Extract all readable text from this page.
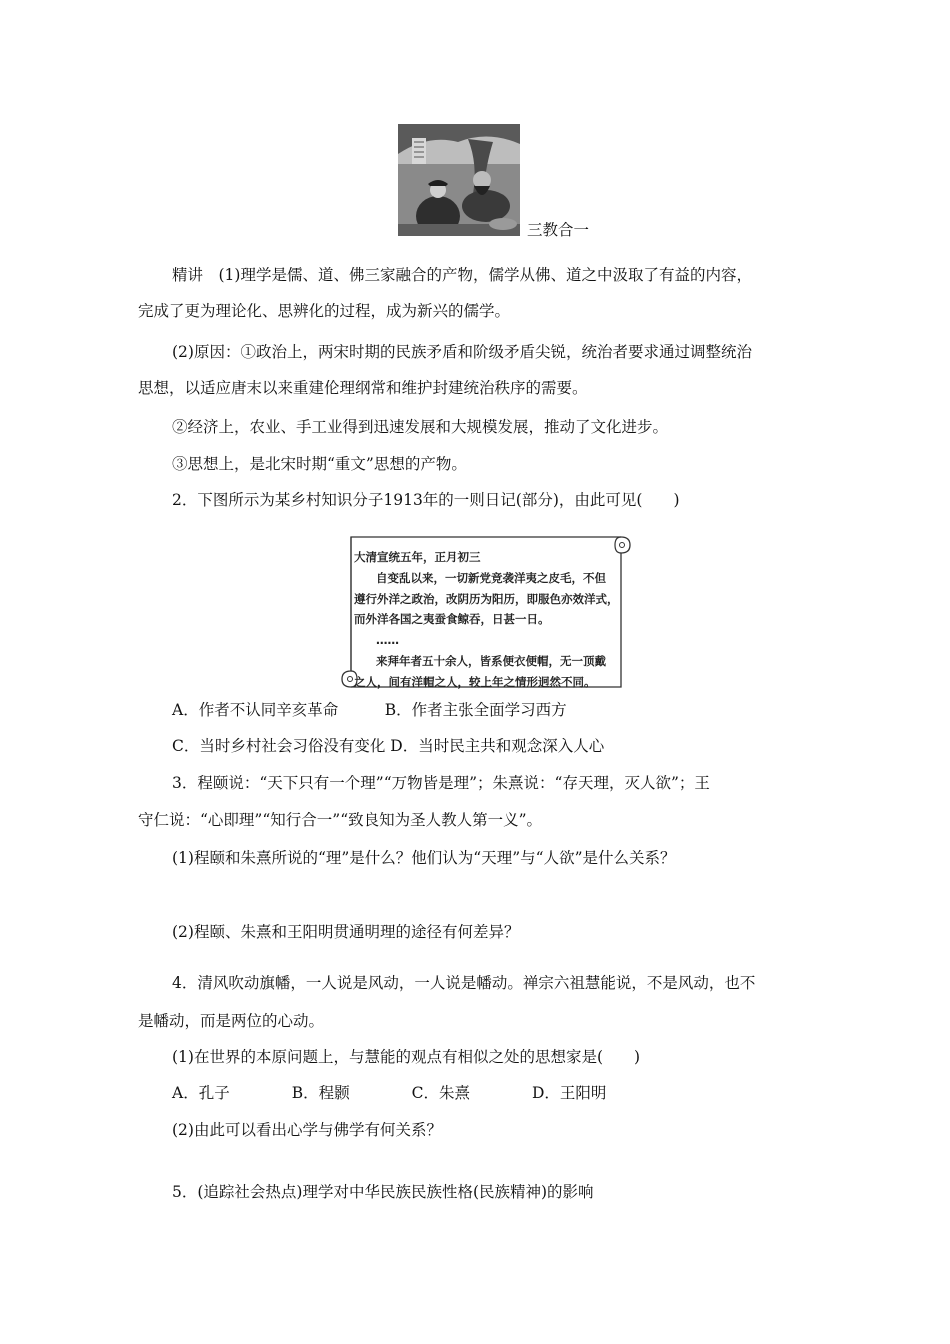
三教合一
精讲　(1)理学是儒、道、佛三家融合的产物，儒学从佛、道之中汲取了有益的内容，
完成了更为理论化、思辨化的过程，成为新兴的儒学。
(2)原因：①政治上，两宋时期的民族矛盾和阶级矛盾尖锐，统治者要求通过调整统治
思想，以适应唐末以来重建伦理纲常和维护封建统治秩序的需要。
②经济上，农业、手工业得到迅速发展和大规模发展，推动了文化进步。
③思想上，是北宋时期“重文”思想的产物。
2．下图所示为某乡村知识分子1913年的一则日记(部分)，由此可见(　　)
大清宣统五年，正月初三
自变乱以来，一切新党竞袭洋夷之皮毛，不但
遵行外洋之政治，改阴历为阳历，即服色亦效洋式，
而外洋各国之夷蚕食鲸吞，日甚一日。
……
来拜年者五十余人，皆系便衣便帽，无一顶戴
之人，间有洋帽之人，较上年之情形迥然不同。
A．作者不认同辛亥革命　　　B．作者主张全面学习西方
C．当时乡村社会习俗没有变化 D．当时民主共和观念深入人心
3．程颐说：“天下只有一个理”“万物皆是理”；朱熹说：“存天理，灭人欲”；王
守仁说：“心即理”“知行合一”“致良知为圣人教人第一义”。
(1)程颐和朱熹所说的“理”是什么？他们认为“天理”与“人欲”是什么关系？
(2)程颐、朱熹和王阳明贯通明理的途径有何差异？
4．清风吹动旗幡，一人说是风动，一人说是幡动。禅宗六祖慧能说，不是风动，也不
是幡动，而是两位的心动。
(1)在世界的本原问题上，与慧能的观点有相似之处的思想家是(　　)
A．孔子　　　　B．程颢　　　　C．朱熹　　　　D．王阳明
(2)由此可以看出心学与佛学有何关系？
5．(追踪社会热点)理学对中华民族民族性格(民族精神)的影响
